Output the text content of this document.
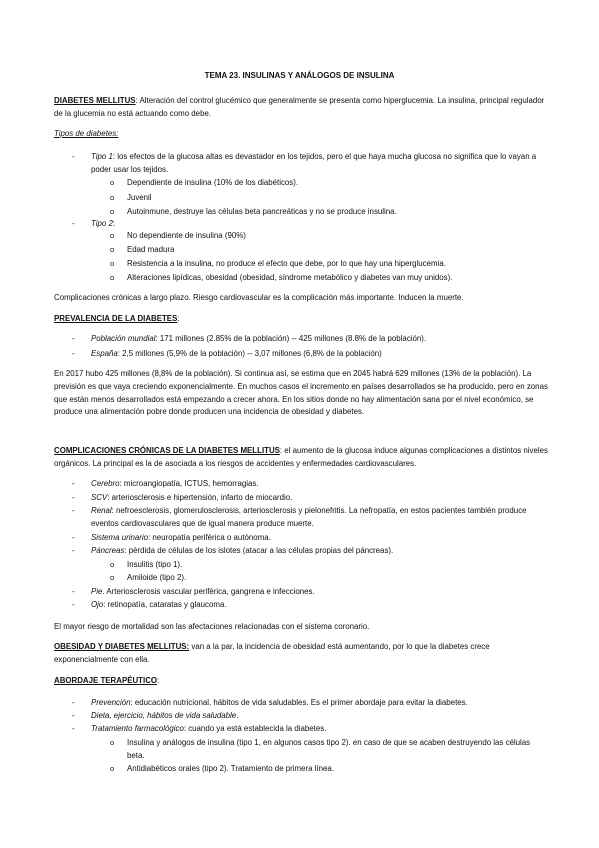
TEMA 23. INSULINAS Y ANÁLOGOS DE INSULINA

DIABETES MELLITUS: Alteración del control glucémico que generalmente se presenta como hiperglucemia. La insulina, principal regulador de la glucemia no está actuando como debe.

Tipos de diabetes:

-	Tipo 1: los efectos de la glucosa altas es devastador en los tejidos, pero el que haya mucha glucosa no significa que lo vayan a poder usar los tejidos.

o	Dependiente de insulina (10% de los diabéticos).

o	Juvenil

o	Autoinmune, destruye las células beta pancreáticas y no se produce insulina.

-	Tipo 2:

o	No dependiente de insulina (90%)

o	Edad madura

o	Resistencia a la insulina, no produce el efecto que debe, por lo que hay una hiperglucemia.

o	Alteraciones lipídicas, obesidad (obesidad, síndrome metabólico y diabetes van muy unidos).

Complicaciones crónicas a largo plazo. Riesgo cardiovascular es la complicación más importante. Inducen la muerte.

PREVALENCIA DE LA DIABETES:

-	Población mundial: 171 millones (2.85% de la población) -- 425 millones (8.8% de la población).

-	España: 2,5 millones (5,9% de la población) -- 3,07 millones (6,8% de la población)

En 2017 hubo 425 millones (8,8% de la población). Si continua así, se estima que en 2045 habrá 629 millones (13% de la población). La previsión es que vaya creciendo exponencialmente. En muchos casos el incremento en países desarrollados se ha producido, pero en zonas que están menos desarrollados está empezando a crecer ahora. En los sitios donde no hay alimentación sana por el nivel económico, se produce una alimentación pobre donde producen una incidencia de obesidad y diabetes.

COMPLICACIONES CRÓNICAS DE LA DIABETES MELLITUS: el aumento de la glucosa induce algunas complicaciones a distintos niveles orgánicos. La principal es la de asociada a los riesgos de accidentes y enfermedades cardiovasculares.

-	Cerebro: microangiopatía, ICTUS, hemorragias.

-	SCV: arteriosclerosis e hipertensión, infarto de miocardio.

-	Renal: nefroesclerosis, glomerulosclerosis, arteriosclerosis y pielonefritis. La nefropatía, en estos pacientes también produce eventos cardiovasculares que de igual manera produce muerte.

-	Sistema urinario: neuropatía periférica o autónoma.

-	Páncreas: pérdida de células de los islotes (atacar a las células propias del páncreas).

o	Insulitis (tipo 1).

o	Amiloide (tipo 2).

-	Pie. Arteriosclerosis vascular periférica, gangrena e infecciones.

-	Ojo: retinopatía, cataratas y glaucoma.

El mayor riesgo de mortalidad son las afectaciones relacionadas con el sistema coronario.

OBESIDAD Y DIABETES MELLITUS: van a la par, la incidencia de obesidad está aumentando, por lo que la diabetes crece exponencialmente con ella.

ABORDAJE TERAPÉUTICO:

-	Prevención: educación nutricional, hábitos de vida saludables. Es el primer abordaje para evitar la diabetes.

-	Dieta, ejercicio, hábitos de vida saludable.

-	Tratamiento farmacológico: cuando ya está establecida la diabetes.

o	Insulina y análogos de insulina (tipo 1, en algunos casos tipo 2). en caso de que se acaben destruyendo las células beta.

o	Antidiabéticos orales (tipo 2). Tratamiento de primera línea.
